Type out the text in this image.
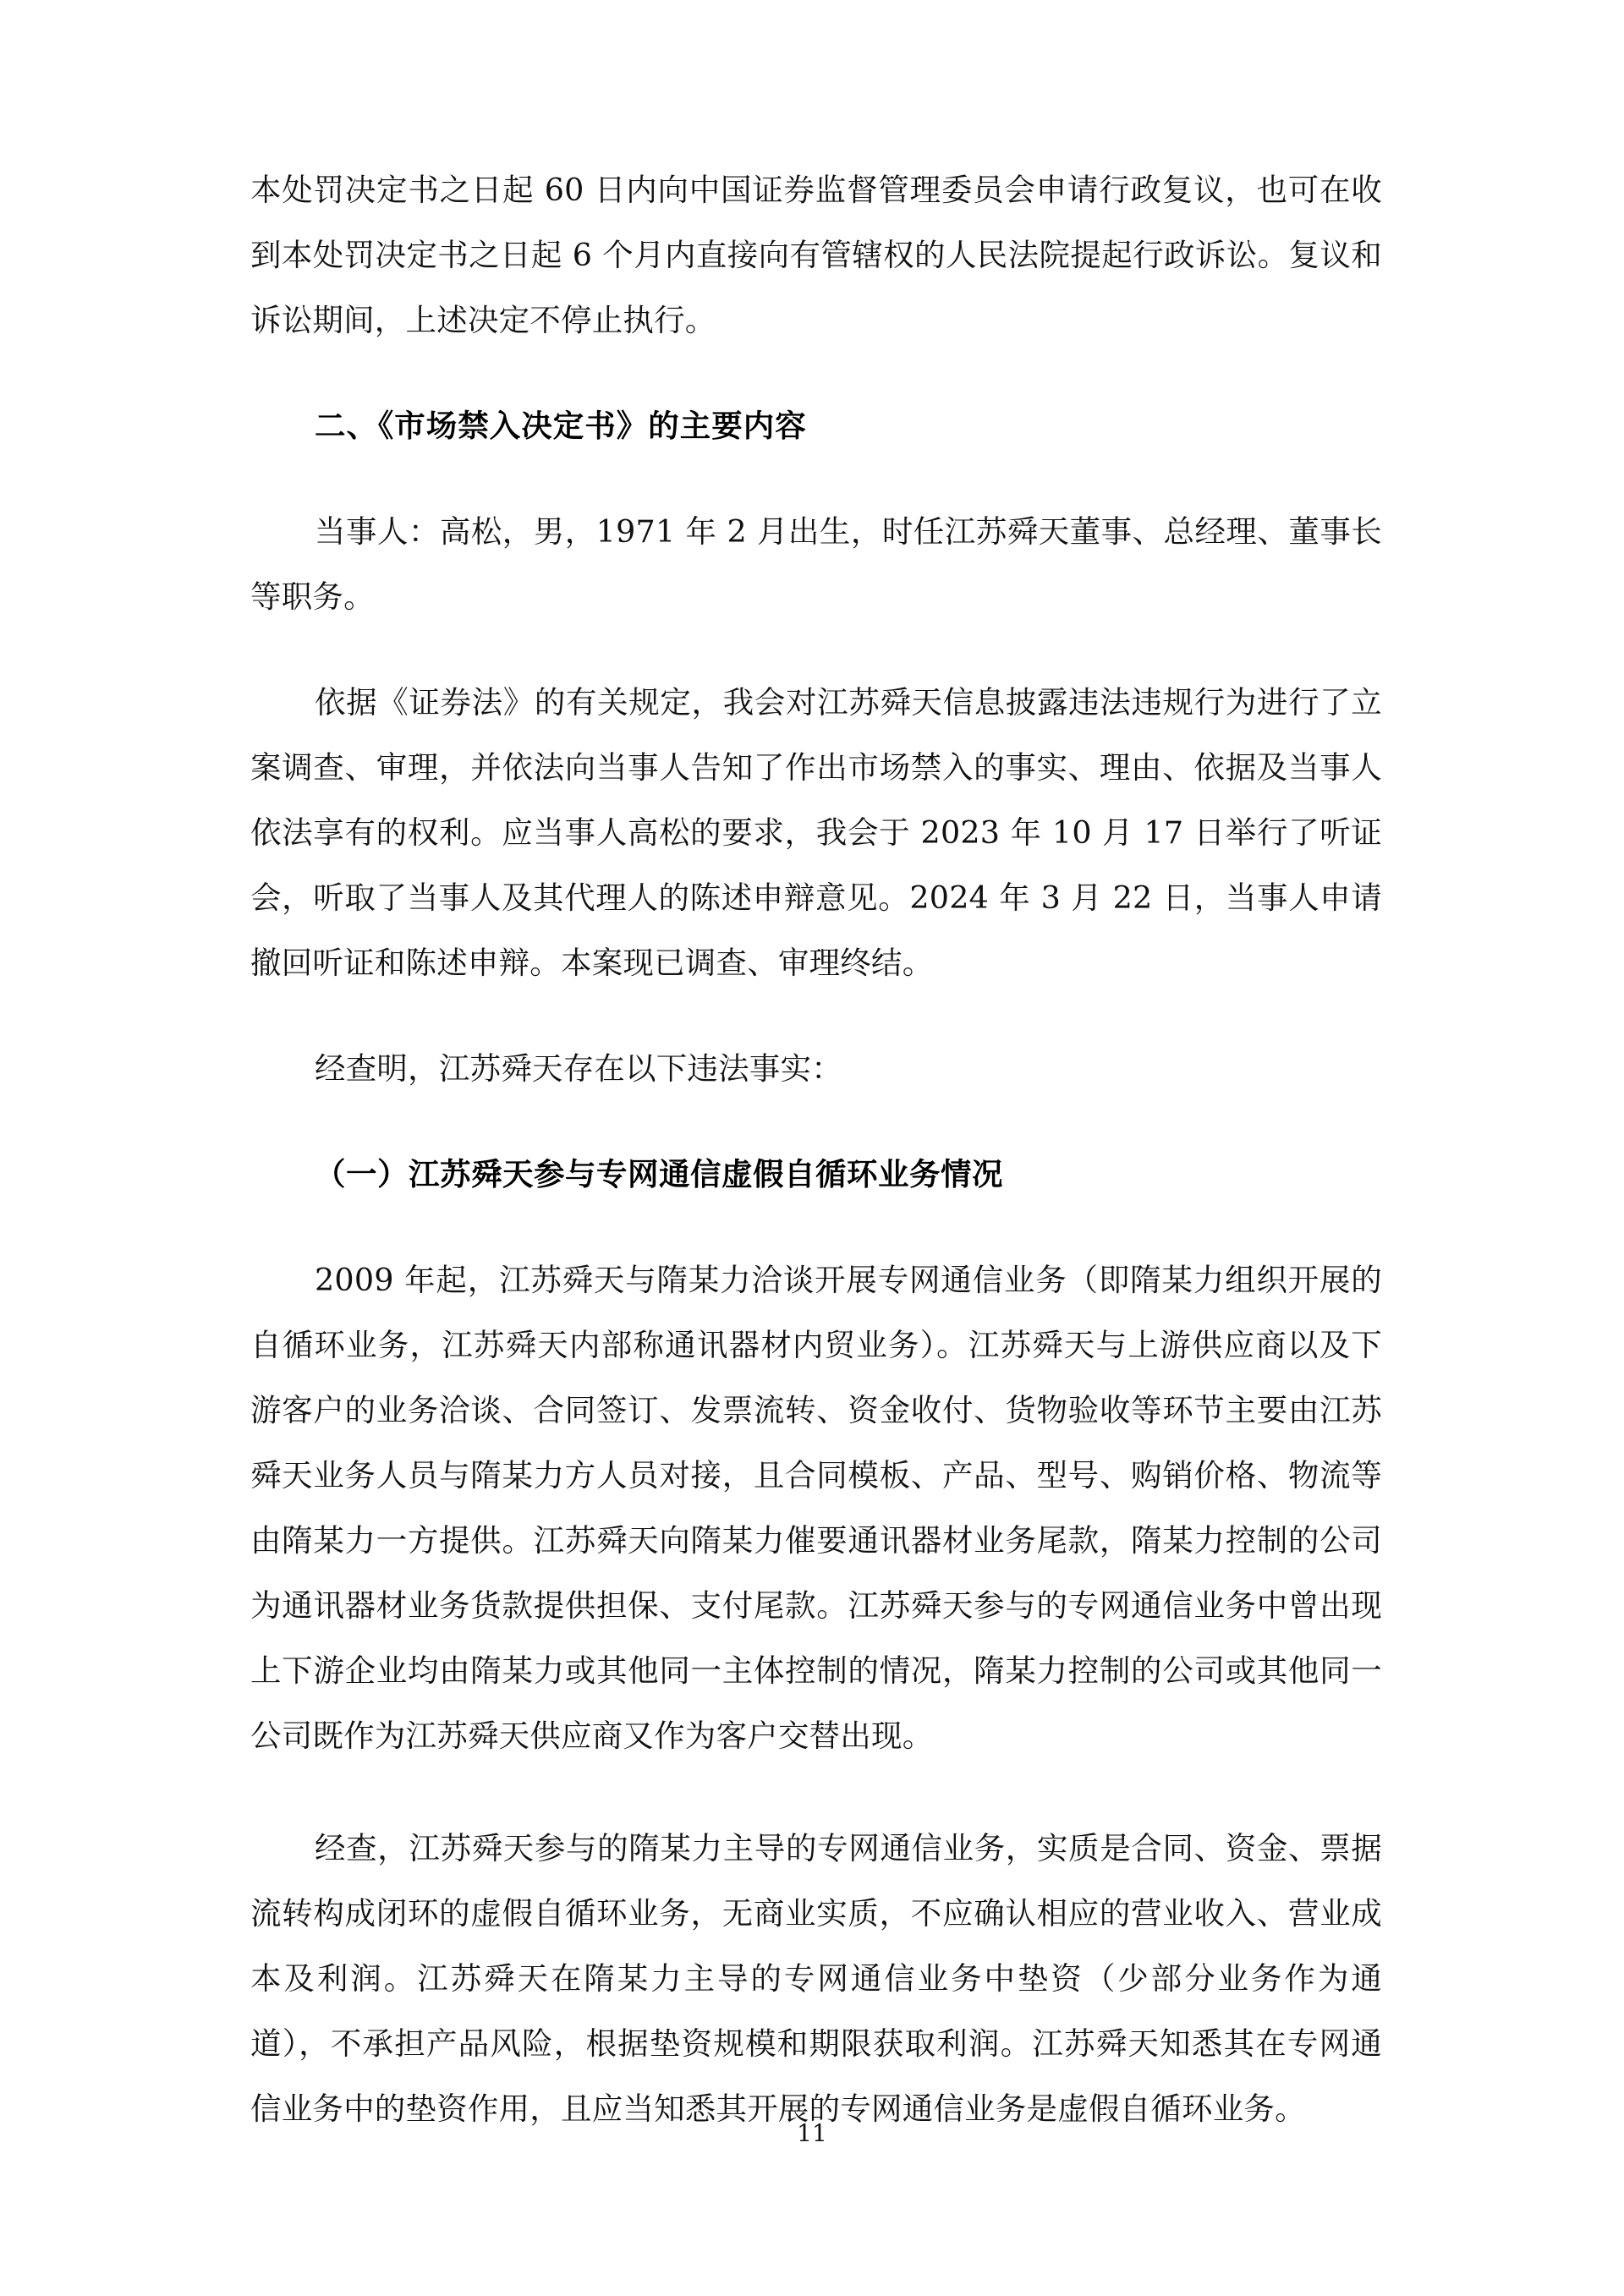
本处罚决定书之日起 60 日内向中国证券监督管理委员会申请行政复议，也可在收到本处罚决定书之日起 6 个月内直接向有管辖权的人民法院提起行政诉讼。复议和诉讼期间，上述决定不停止执行。

二、《市场禁入决定书》的主要内容

当事人：高松，男，1971 年 2 月出生，时任江苏舜天董事、总经理、董事长等职务。

依据《证券法》的有关规定，我会对江苏舜天信息披露违法违规行为进行了立案调查、审理，并依法向当事人告知了作出市场禁入的事实、理由、依据及当事人依法享有的权利。应当事人高松的要求，我会于 2023 年 10 月 17 日举行了听证会，听取了当事人及其代理人的陈述申辩意见。2024 年 3 月 22 日，当事人申请撤回听证和陈述申辩。本案现已调查、审理终结。

经查明，江苏舜天存在以下违法事实：

（一）江苏舜天参与专网通信虚假自循环业务情况

2009 年起，江苏舜天与隋某力洽谈开展专网通信业务（即隋某力组织开展的自循环业务，江苏舜天内部称通讯器材内贸业务）。江苏舜天与上游供应商以及下游客户的业务洽谈、合同签订、发票流转、资金收付、货物验收等环节主要由江苏舜天业务人员与隋某力方人员对接，且合同模板、产品、型号、购销价格、物流等由隋某力一方提供。江苏舜天向隋某力催要通讯器材业务尾款，隋某力控制的公司为通讯器材业务货款提供担保、支付尾款。江苏舜天参与的专网通信业务中曾出现上下游企业均由隋某力或其他同一主体控制的情况，隋某力控制的公司或其他同一公司既作为江苏舜天供应商又作为客户交替出现。

经查，江苏舜天参与的隋某力主导的专网通信业务，实质是合同、资金、票据流转构成闭环的虚假自循环业务，无商业实质，不应确认相应的营业收入、营业成本及利润。江苏舜天在隋某力主导的专网通信业务中垫资（少部分业务作为通道），不承担产品风险，根据垫资规模和期限获取利润。江苏舜天知悉其在专网通信业务中的垫资作用，且应当知悉其开展的专网通信业务是虚假自循环业务。

11
